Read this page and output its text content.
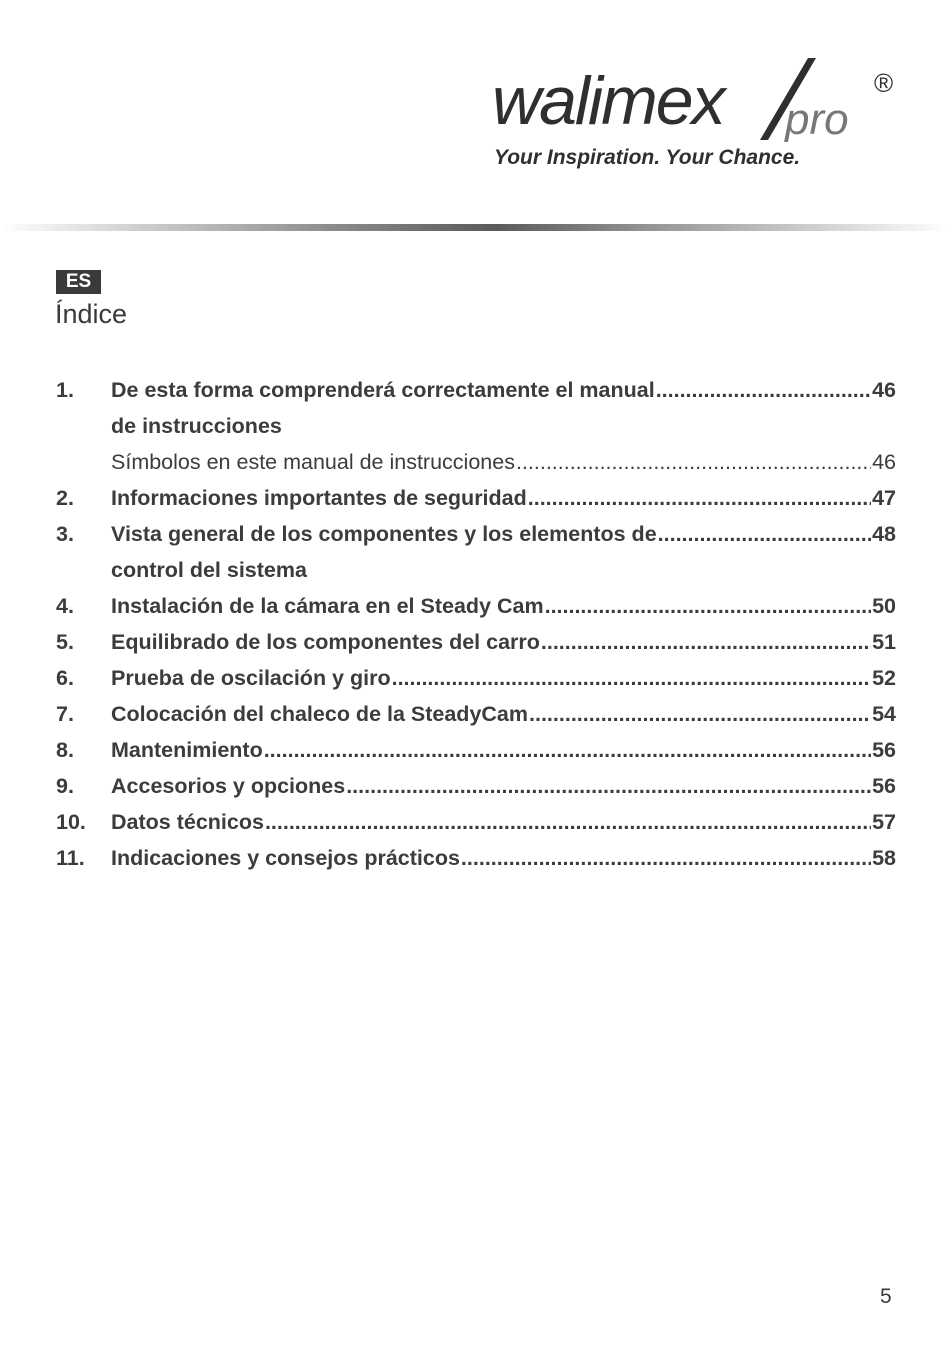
walimex pro
®
Your Inspiration. Your Chance.
ES
Índice
1.	De esta forma comprenderá correctamente el manual .....	46
de instrucciones
Símbolos en este manual de instrucciones .....	46
2.	Informaciones importantes de seguridad .....	47
3.	Vista general de los componentes y los elementos de .....	48
control del sistema
4.	Instalación de la cámara en el Steady Cam .....	50
5.	Equilibrado de los componentes del carro .....	51
6.	Prueba de oscilación y giro .....	52
7.	Colocación del chaleco de la SteadyCam .....	54
8.	Mantenimiento .....	56
9.	Accesorios y opciones .....	56
10.	Datos técnicos .....	57
11.	Indicaciones y consejos prácticos .....	58
5
